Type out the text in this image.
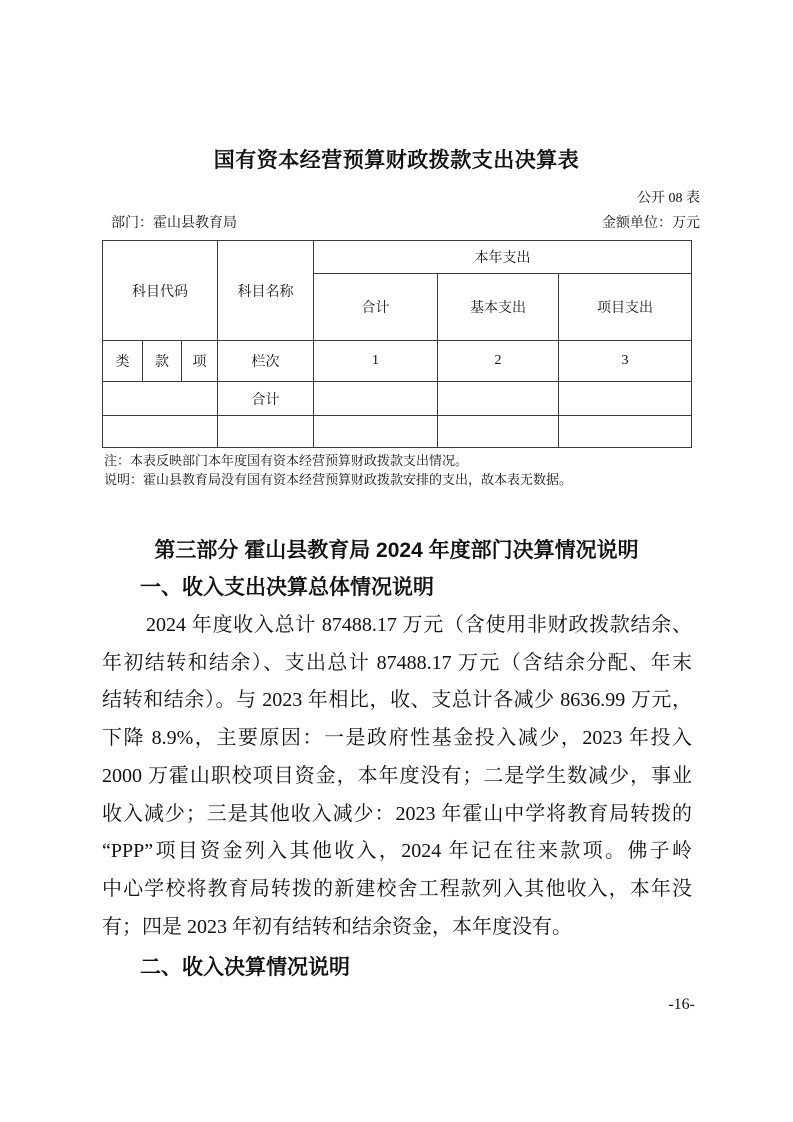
国有资本经营预算财政拨款支出决算表
公开 08 表
部门：霍山县教育局	金额单位：万元
科目代码			科目名称	本年支出		
				合计	基本支出	项目支出
类	款	项	栏次	1	2	3
			合计			

注：本表反映部门本年度国有资本经营预算财政拨款支出情况。
说明：霍山县教育局没有国有资本经营预算财政拨款安排的支出，故本表无数据。
第三部分 霍山县教育局 2024 年度部门决算情况说明
一、收入支出决算总体情况说明
2024 年度收入总计 87488.17 万元（含使用非财政拨款结余、
年初结转和结余）、支出总计 87488.17 万元（含结余分配、年末
结转和结余）。与 2023 年相比，收、支总计各减少 8636.99 万元，
下降 8.9%，主要原因：一是政府性基金投入减少，2023 年投入
2000 万霍山职校项目资金，本年度没有；二是学生数减少，事业
收入减少；三是其他收入减少：2023 年霍山中学将教育局转拨的
“PPP”项目资金列入其他收入，2024 年记在往来款项。佛子岭
中心学校将教育局转拨的新建校舍工程款列入其他收入，本年没
有；四是 2023 年初有结转和结余资金，本年度没有。
二、收入决算情况说明
-16-
